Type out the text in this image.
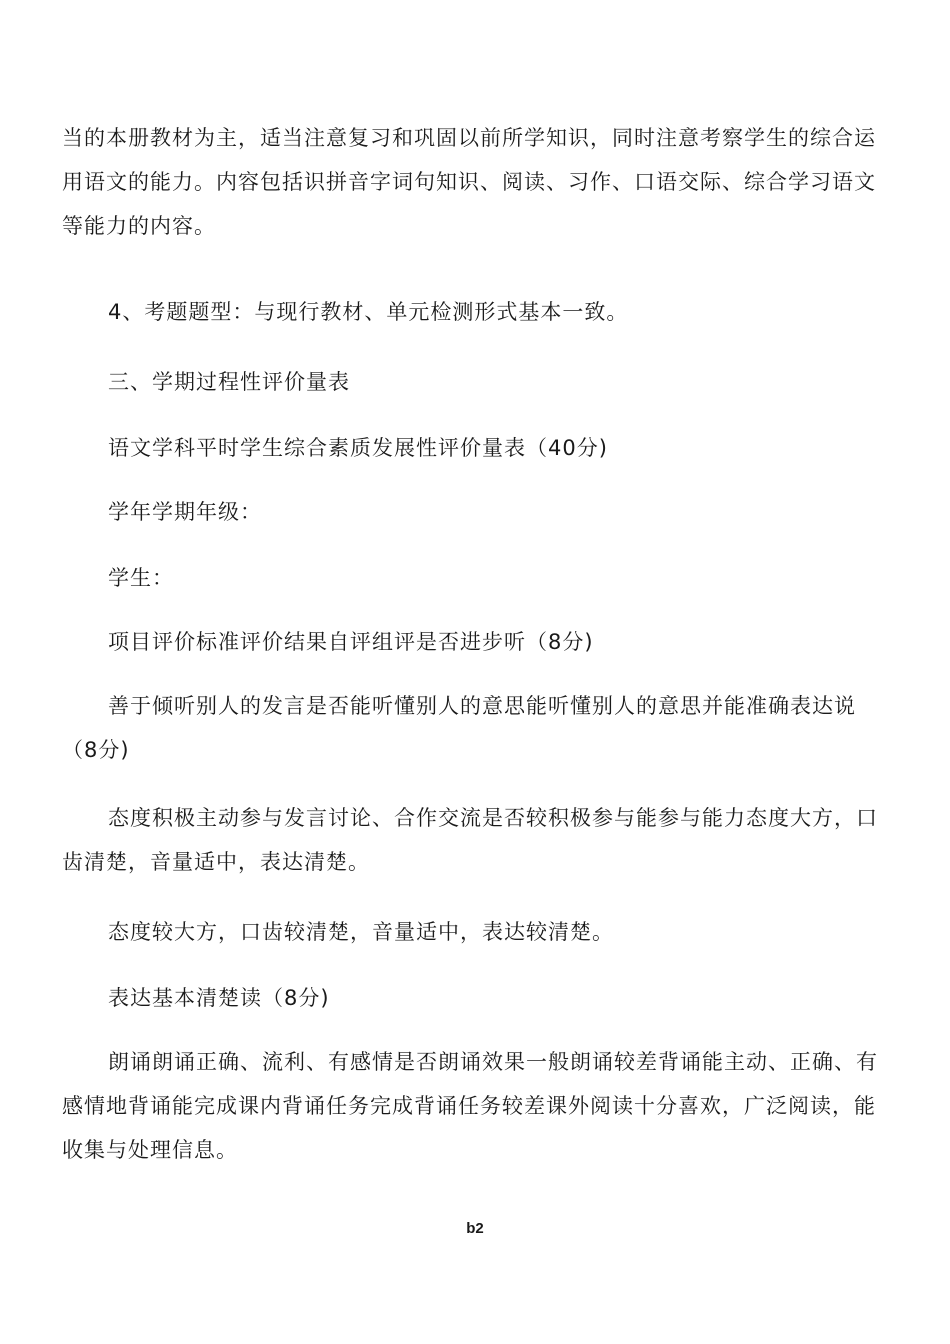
当的本册教材为主，适当注意复习和巩固以前所学知识，同时注意考察学生的综合运用语文的能力。内容包括识拼音字词句知识、阅读、习作、口语交际、综合学习语文等能力的内容。
4、考题题型：与现行教材、单元检测形式基本一致。
三、学期过程性评价量表
语文学科平时学生综合素质发展性评价量表（40分)
学年学期年级：
学生：
项目评价标准评价结果自评组评是否进步听（8分)
善于倾听别人的发言是否能听懂别人的意思能听懂别人的意思并能准确表达说（8分)
态度积极主动参与发言讨论、合作交流是否较积极参与能参与能力态度大方，口齿清楚，音量适中，表达清楚。
态度较大方，口齿较清楚，音量适中，表达较清楚。
表达基本清楚读（8分)
朗诵朗诵正确、流利、有感情是否朗诵效果一般朗诵较差背诵能主动、正确、有感情地背诵能完成课内背诵任务完成背诵任务较差课外阅读十分喜欢，广泛阅读，能收集与处理信息。
b2
